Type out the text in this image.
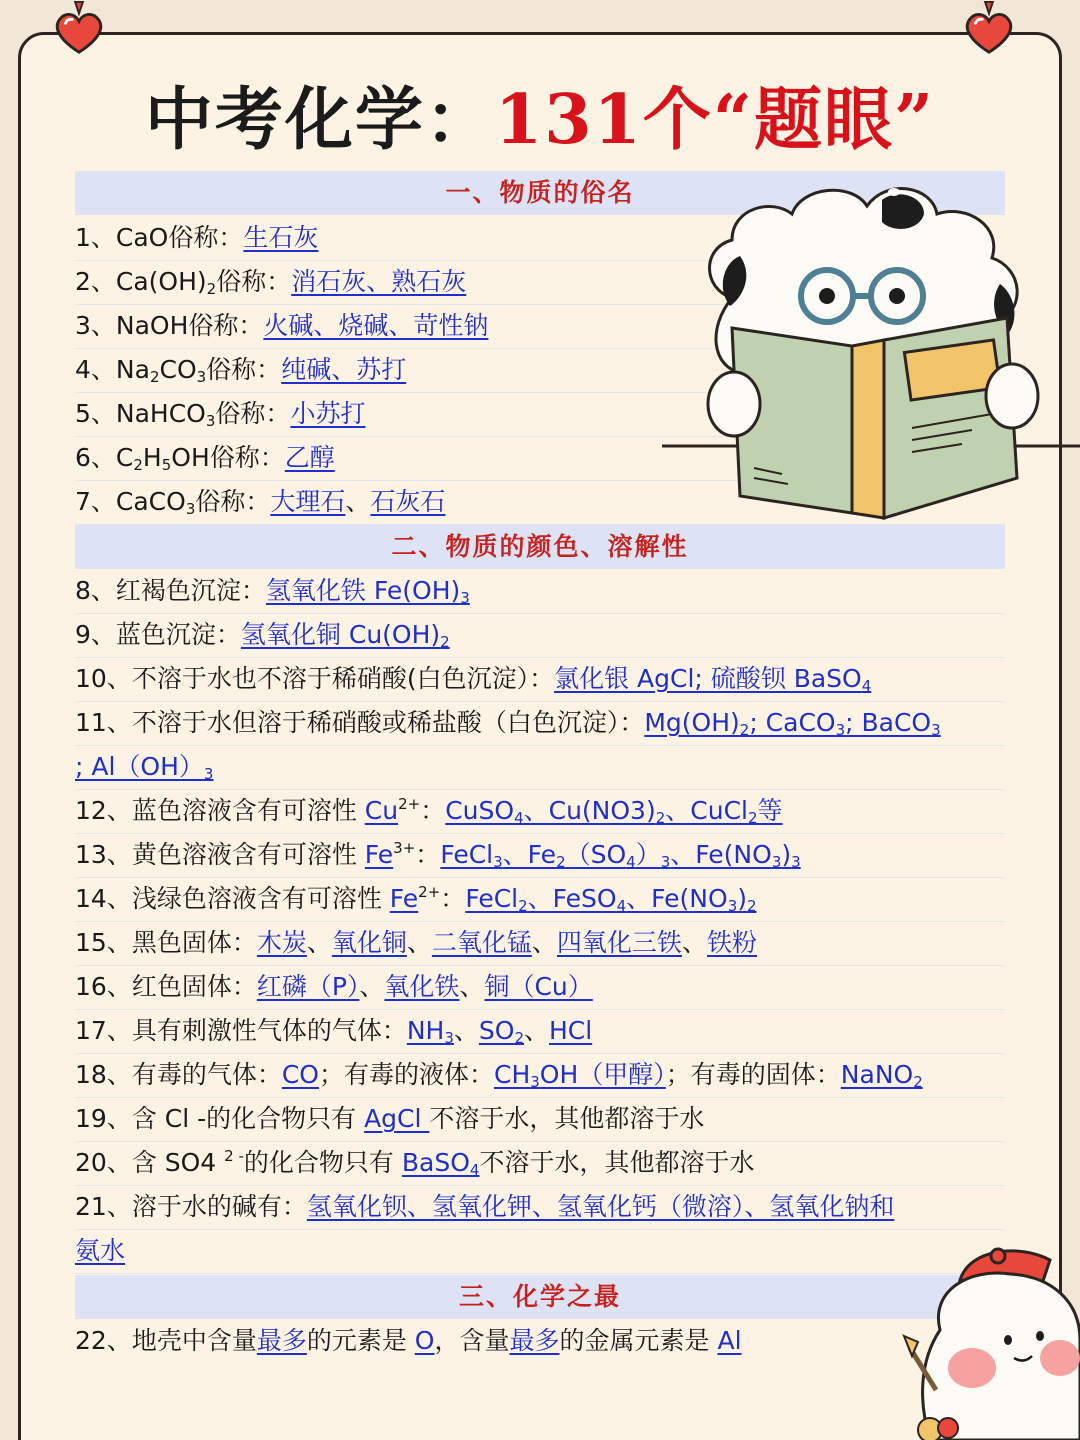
中考化学：131个“题眼”
一、物质的俗名
1、CaO俗称：生石灰
2、$Ca(OH)_2$俗称：消石灰、熟石灰
3、NaOH俗称：火碱、烧碱、苛性钠
4、$Na_2CO_3$俗称：纯碱、苏打
5、NaHCO$_3$俗称：小苏打
6、$C_2H_5OH$俗称：乙醇
7、CaCO$_3$俗称：大理石、石灰石
二、物质的颜色、溶解性
8、红褐色沉淀：氢氧化铁 $Fe(OH)_3$
9、蓝色沉淀：氢氧化铜 $Cu(OH)_2$
10、不溶于水也不溶于稀硝酸(白色沉淀）：氯化银 AgCl; 硫酸钡 BaSO$_4$
11、不溶于水但溶于稀硝酸或稀盐酸（白色沉淀）：$Mg(OH)_2$; CaCO$_3$; BaCO$_3$
; $Al(OH)_3$
12、蓝色溶液含有可溶性 $Cu^{2+}$：CuSO$_4$、$Cu(NO3)_2$、CuCl$_2$等
13、黄色溶液含有可溶性 $Fe^{3+}$：FeCl$_3$、$Fe_2(SO_4)_3$、$Fe(NO_3)_3$
14、浅绿色溶液含有可溶性 $Fe^{2+}$：FeCl$_2$、FeSO$_4$、$Fe(NO_3)_2$
15、黑色固体：木炭、氧化铜、二氧化锰、四氧化三铁、铁粉
16、红色固体：红磷（P）、氧化铁、铜（Cu）
17、具有刺激性气体的气体：$NH_3$、$SO_2$、HCl
18、有毒的气体：CO；有毒的液体：$CH_3OH$（甲醇）；有毒的固体：NaNO$_2$
19、含 Cl -的化合物只有 AgCl 不溶于水，其他都溶于水
20、含 SO4 $^{2 -}$的化合物只有 BaSO$_4$不溶于水，其他都溶于水
21、溶于水的碱有：氢氧化钡、氢氧化钾、氢氧化钙（微溶）、氢氧化钠和
氨水
三、化学之最
22、地壳中含量最多的元素是 O，含量最多的金属元素是 Al
